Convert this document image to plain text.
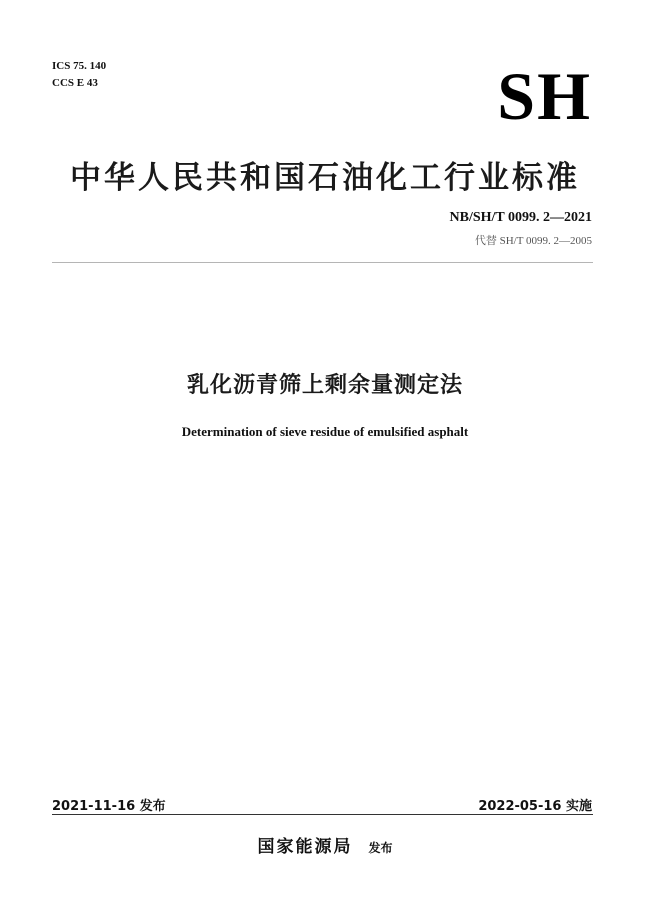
ICS 75. 140
CCS E 43	SH
中华人民共和国石油化工行业标准
NB/SH/T 0099. 2—2021
代替 SH/T 0099. 2—2005
乳化沥青筛上剩余量测定法
Determination of sieve residue of emulsified asphalt
2021-11-16 发布	2022-05-16 实施
国家能源局 发布
